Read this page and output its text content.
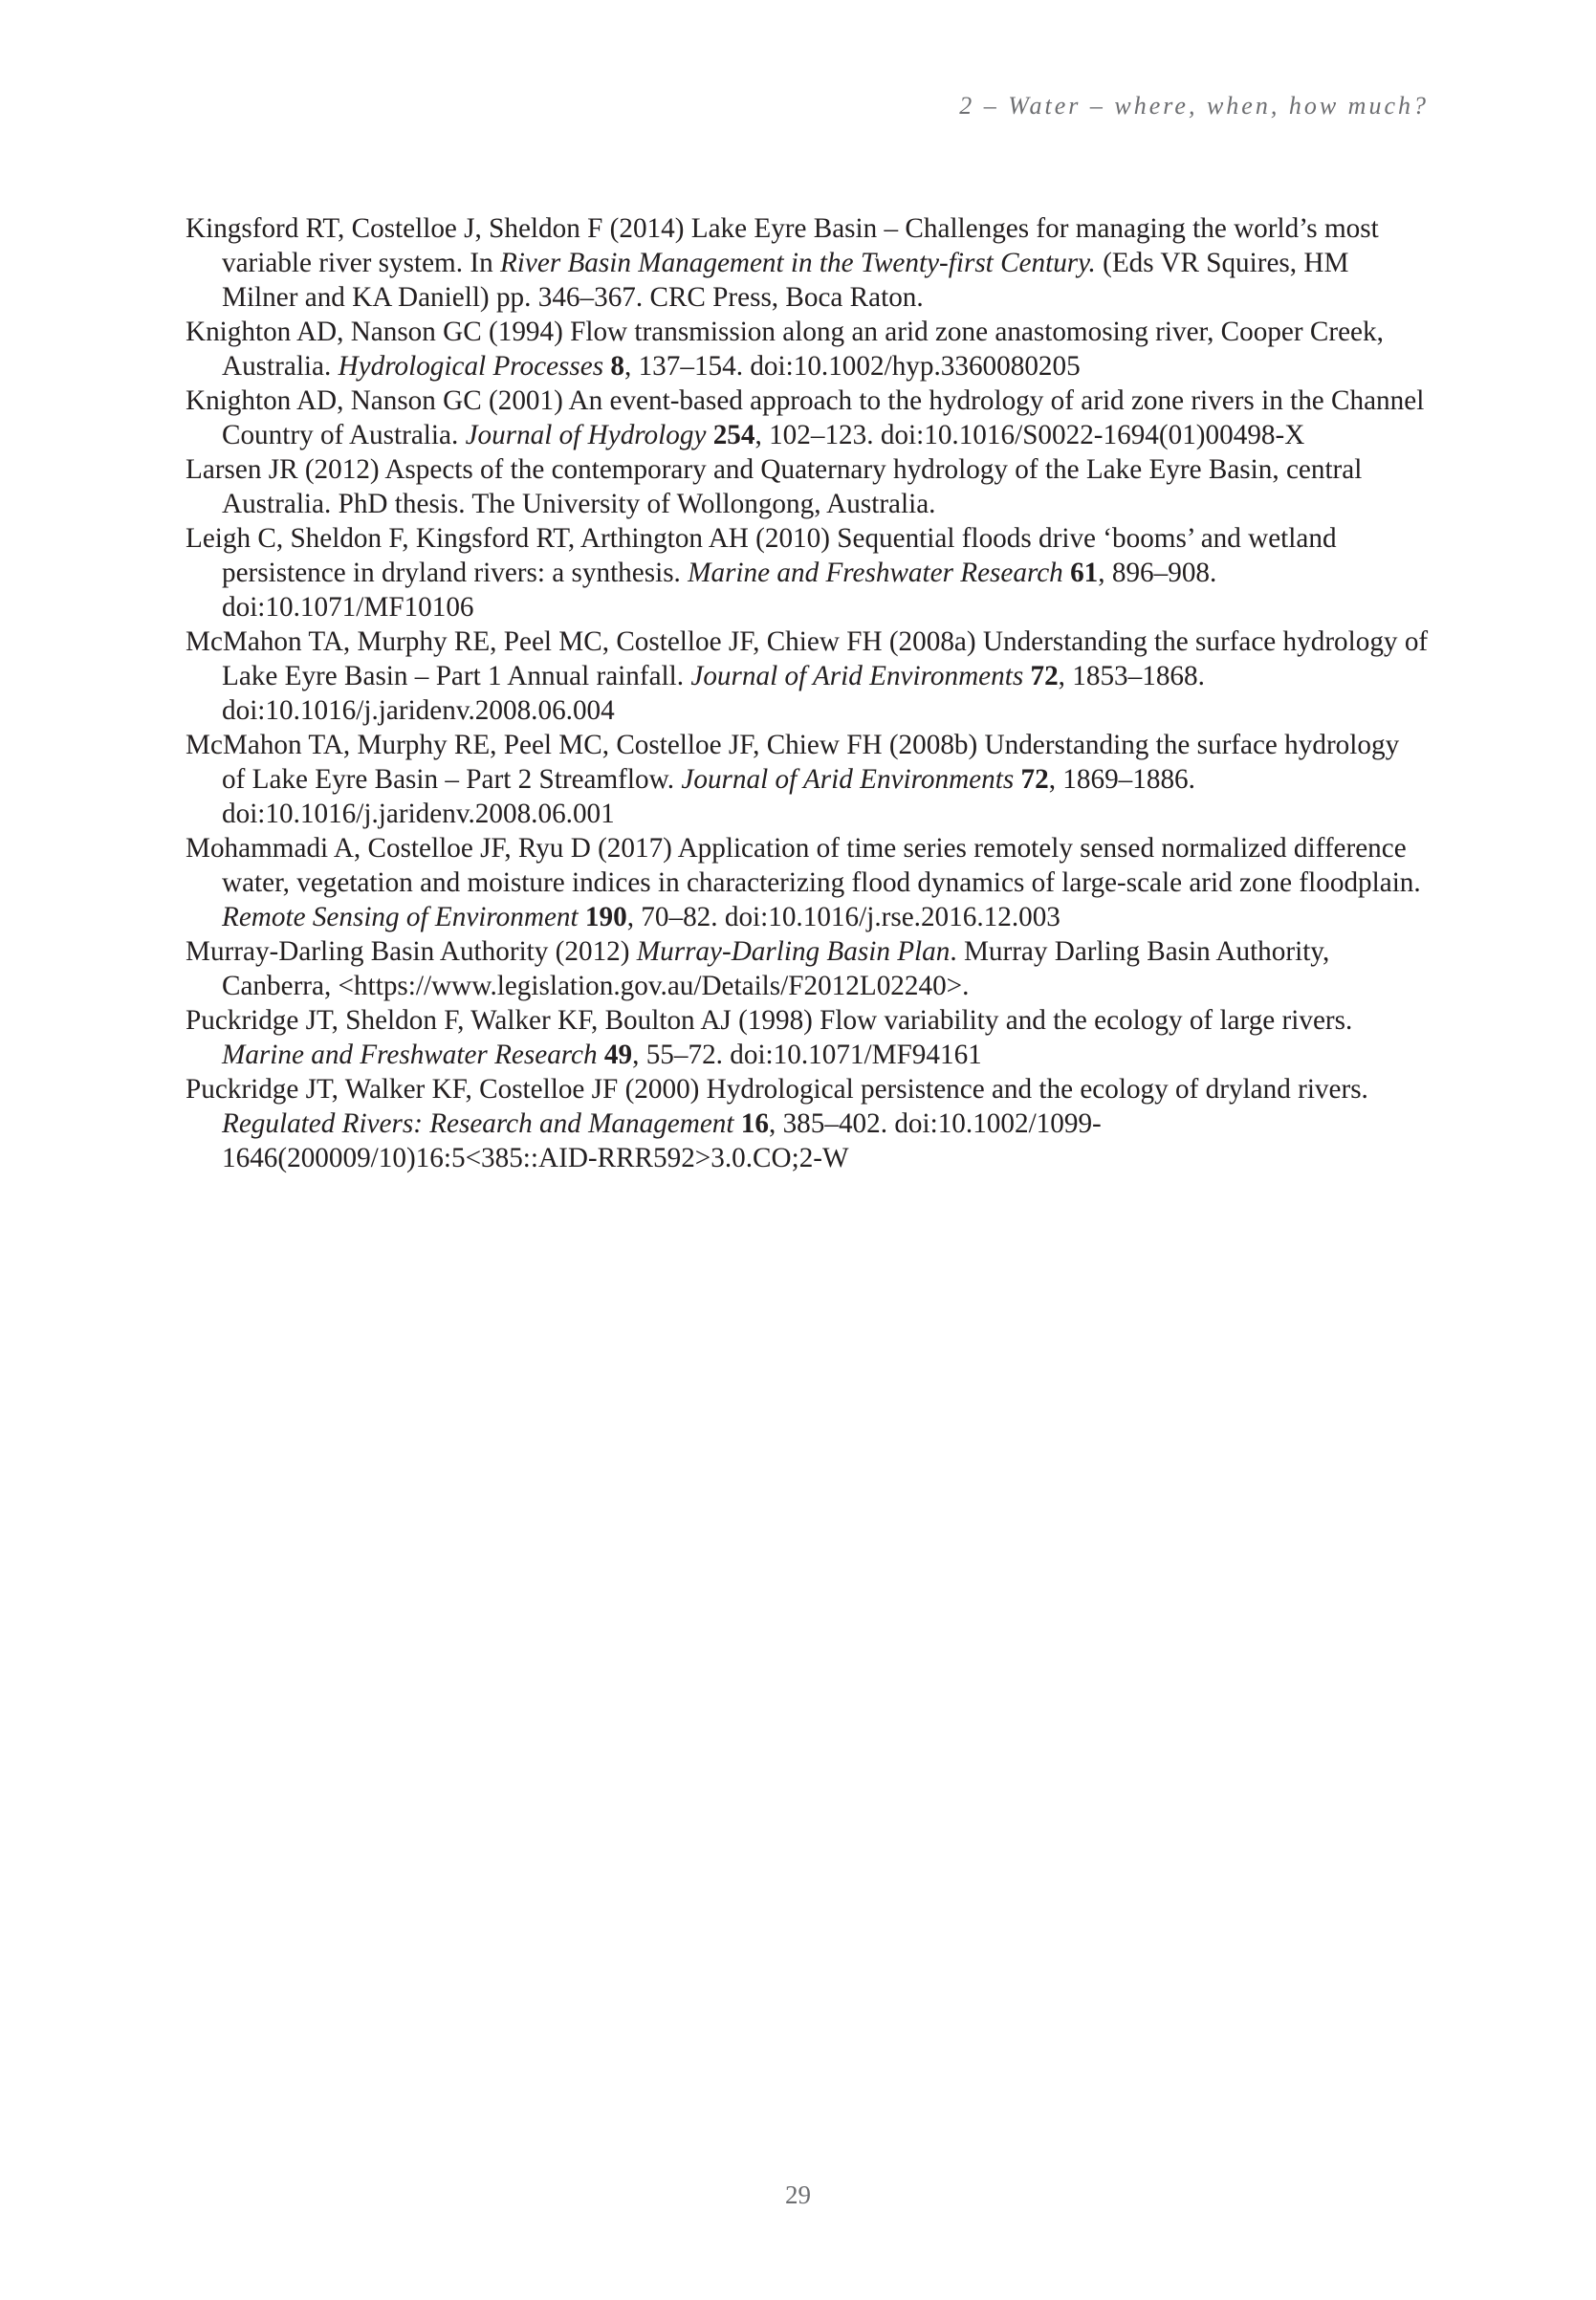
2 – Water – where, when, how much?

Kingsford RT, Costelloe J, Sheldon F (2014) Lake Eyre Basin – Challenges for managing the world’s most variable river system. In River Basin Management in the Twenty-first Century. (Eds VR Squires, HM Milner and KA Daniell) pp. 346–367. CRC Press, Boca Raton.

Knighton AD, Nanson GC (1994) Flow transmission along an arid zone anastomosing river, Cooper Creek, Australia. Hydrological Processes 8, 137–154. doi:10.1002/hyp.3360080205

Knighton AD, Nanson GC (2001) An event-based approach to the hydrology of arid zone rivers in the Channel Country of Australia. Journal of Hydrology 254, 102–123. doi:10.1016/S0022-1694(01)00498-X

Larsen JR (2012) Aspects of the contemporary and Quaternary hydrology of the Lake Eyre Basin, central Australia. PhD thesis. The University of Wollongong, Australia.

Leigh C, Sheldon F, Kingsford RT, Arthington AH (2010) Sequential floods drive ‘booms’ and wetland persistence in dryland rivers: a synthesis. Marine and Freshwater Research 61, 896–908. doi:10.1071/MF10106

McMahon TA, Murphy RE, Peel MC, Costelloe JF, Chiew FH (2008a) Understanding the surface hydrology of Lake Eyre Basin – Part 1 Annual rainfall. Journal of Arid Environments 72, 1853–1868. doi:10.1016/j.jaridenv.2008.06.004

McMahon TA, Murphy RE, Peel MC, Costelloe JF, Chiew FH (2008b) Understanding the surface hydrology of Lake Eyre Basin – Part 2 Streamflow. Journal of Arid Environments 72, 1869–1886. doi:10.1016/j.jaridenv.2008.06.001

Mohammadi A, Costelloe JF, Ryu D (2017) Application of time series remotely sensed normalized difference water, vegetation and moisture indices in characterizing flood dynamics of large-scale arid zone floodplain. Remote Sensing of Environment 190, 70–82. doi:10.1016/j.rse.2016.12.003

Murray-Darling Basin Authority (2012) Murray-Darling Basin Plan. Murray Darling Basin Authority, Canberra, <https://www.legislation.gov.au/Details/F2012L02240>.

Puckridge JT, Sheldon F, Walker KF, Boulton AJ (1998) Flow variability and the ecology of large rivers. Marine and Freshwater Research 49, 55–72. doi:10.1071/MF94161

Puckridge JT, Walker KF, Costelloe JF (2000) Hydrological persistence and the ecology of dryland rivers. Regulated Rivers: Research and Management 16, 385–402. doi:10.1002/1099-1646(200009/10)16:5<385::AID-RRR592>3.0.CO;2-W

29
